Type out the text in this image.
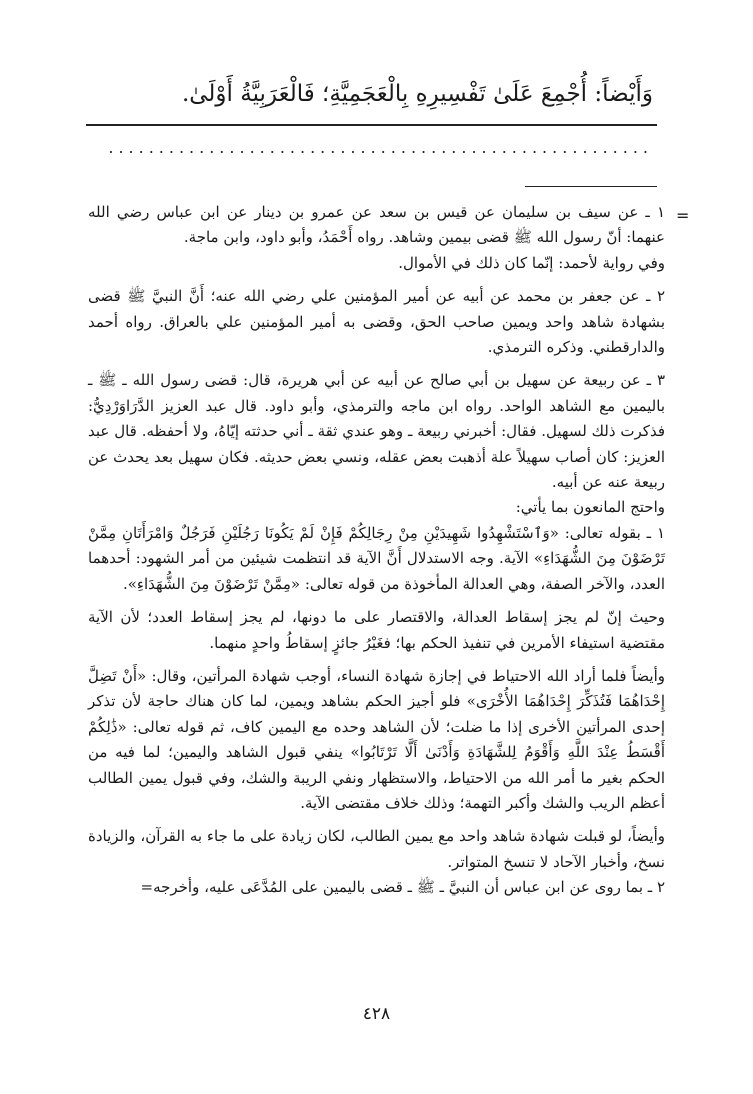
وَأَيْضاً: أُجْمِعَ عَلَىٰ تَفْسِيرِهِ بِالْعَجَمِيَّةِ؛ فَالْعَرَبِيَّةُ أَوْلَىٰ.
......................................................
=

١ ـ عن سيف بن سليمان عن قيس بن سعد عن عمرو بن دينار عن ابن عباس رضي الله عنهما: أنّ رسول الله ﷺ قضى بيمين وشاهد. رواه أَحْمَدُ، وأبو داود، وابن ماجة.

وفي رواية لأحمد: إنّما كان ذلك في الأموال.

٢ ـ عن جعفر بن محمد عن أبيه عن أمير المؤمنين علي رضي الله عنه؛ أَنَّ النبيَّ ﷺ قضى بشهادة شاهد واحد ويمين صاحب الحق، وقضى به أمير المؤمنين علي بالعراق. رواه أحمد والدارقطني. وذكره الترمذي.

٣ ـ عن ربيعة عن سهيل بن أبي صالح عن أبيه عن أبي هريرة، قال: قضى رسول الله ـ ﷺ ـ باليمين مع الشاهد الواحد. رواه ابن ماجه والترمذي، وأبو داود. قال عبد العزيز الدَّرَاوَرْدِيُّ: فذكرت ذلك لسهيل. فقال: أخبرني ربيعة ـ وهو عندي ثقة ـ أني حدثته إيّاهُ، ولا أحفظه. قال عبد العزيز: كان أصاب سهيلاً علة أذهبت بعض عقله، ونسي بعض حديثه. فكان سهيل بعد يحدث عن ربيعة عنه عن أبيه.

واحتج المانعون بما يأتي:

١ ـ بقوله تعالى: «وَٱسْتَشْهِدُوا شَهِيدَيْنِ مِنْ رِجَالِكُمْ فَإِنْ لَمْ يَكُونَا رَجُلَيْنِ فَرَجُلٌ وَامْرَأَتَانِ مِمَّنْ تَرْضَوْنَ مِنَ الشُّهَدَاءِ» الآية. وجه الاستدلال أَنَّ الآية قد انتظمت شيئين من أمر الشهود: أحدهما العدد، والآخر الصفة، وهي العدالة المأخوذة من قوله تعالى: «مِمَّنْ تَرْضَوْنَ مِنَ الشُّهَدَاءِ».

وحيث إنّ لم يجز إسقاط العدالة، والاقتصار على ما دونها، لم يجز إسقاط العدد؛ لأن الآية مقتضية استيفاء الأمرين في تنفيذ الحكم بها؛ فغَيْرُ جائزٍ إسقاطُ واحدٍ منهما.

وأيضاً فلما أراد الله الاحتياط في إجازة شهادة النساء، أوجب شهادة المرأتين، وقال: «أَنْ تَضِلَّ إِحْدَاهُمَا فَتُذَكِّرَ إِحْدَاهُمَا الأُخْرَى» فلو أجيز الحكم بشاهد ويمين، لما كان هناك حاجة لأن تذكر إحدى المرأتين الأخرى إذا ما ضلت؛ لأن الشاهد وحده مع اليمين كاف، ثم قوله تعالى: «ذَٰلِكُمْ أَقْسَطُ عِنْدَ اللَّهِ وَأَقْوَمُ لِلشَّهَادَةِ وَأَدْنَىٰ أَلَّا تَرْتَابُوا» ينفي قبول الشاهد واليمين؛ لما فيه من الحكم بغير ما أمر الله من الاحتياط، والاستظهار ونفي الريبة والشك، وفي قبول يمين الطالب أعظم الريب والشك وأكبر التهمة؛ وذلك خلاف مقتضى الآية.

وأيضاً، لو قبلت شهادة شاهد واحد مع يمين الطالب، لكان زيادة على ما جاء به القرآن، والزيادة نسخ، وأخبار الآحاد لا تنسخ المتواتر.

٢ ـ بما روى عن ابن عباس أن النبيَّ ـ ﷺ ـ قضى باليمين على المُدَّعَى عليه، وأخرجه=

٤٢٨
